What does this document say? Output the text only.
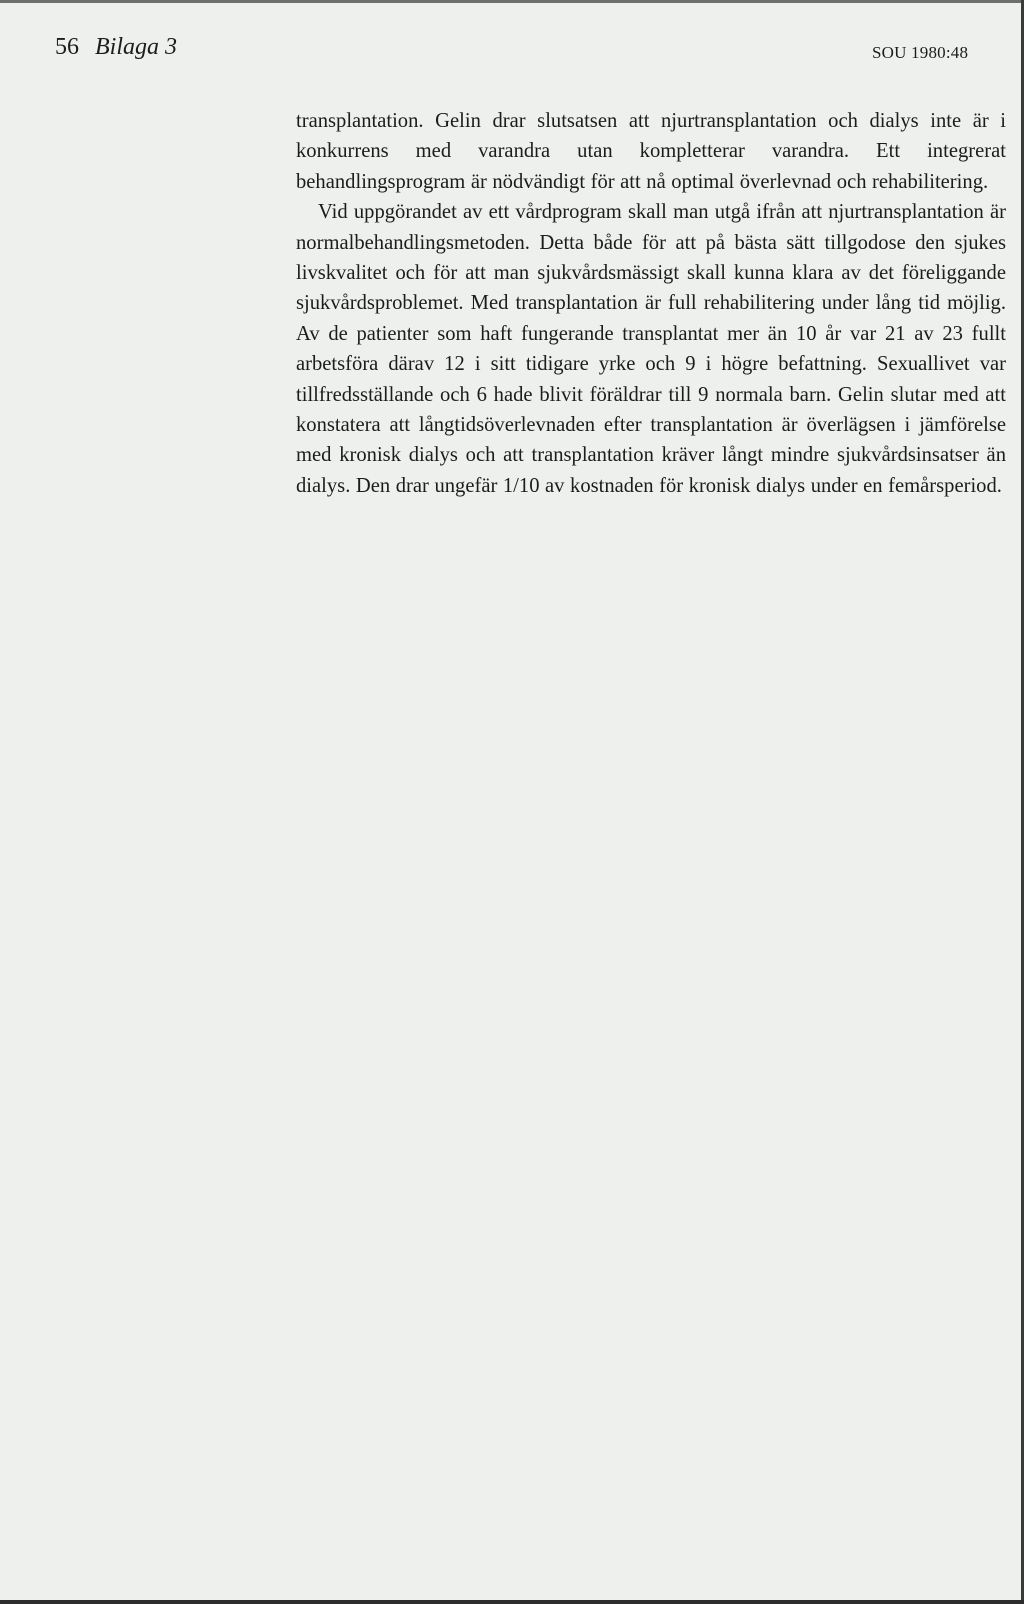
56 Bilaga 3	SOU 1980:48

transplantation. Gelin drar slutsatsen att njurtransplantation och dialys inte är i konkurrens med varandra utan kompletterar varandra. Ett integrerat behandlingsprogram är nödvändigt för att nå optimal överlevnad och rehabilitering.

Vid uppgörandet av ett vårdprogram skall man utgå ifrån att njurtransplantation är normalbehandlingsmetoden. Detta både för att på bästa sätt tillgodose den sjukes livskvalitet och för att man sjukvårdsmässigt skall kunna klara av det föreliggande sjukvårdsproblemet. Med transplantation är full rehabilitering under lång tid möjlig. Av de patienter som haft fungerande transplantat mer än 10 år var 21 av 23 fullt arbetsföra därav 12 i sitt tidigare yrke och 9 i högre befattning. Sexuallivet var tillfredsställande och 6 hade blivit föräldrar till 9 normala barn. Gelin slutar med att konstatera att långtidsöverlevnaden efter transplantation är överlägsen i jämförelse med kronisk dialys och att transplantation kräver långt mindre sjukvårdsinsatser än dialys. Den drar ungefär 1/10 av kostnaden för kronisk dialys under en femårsperiod.
